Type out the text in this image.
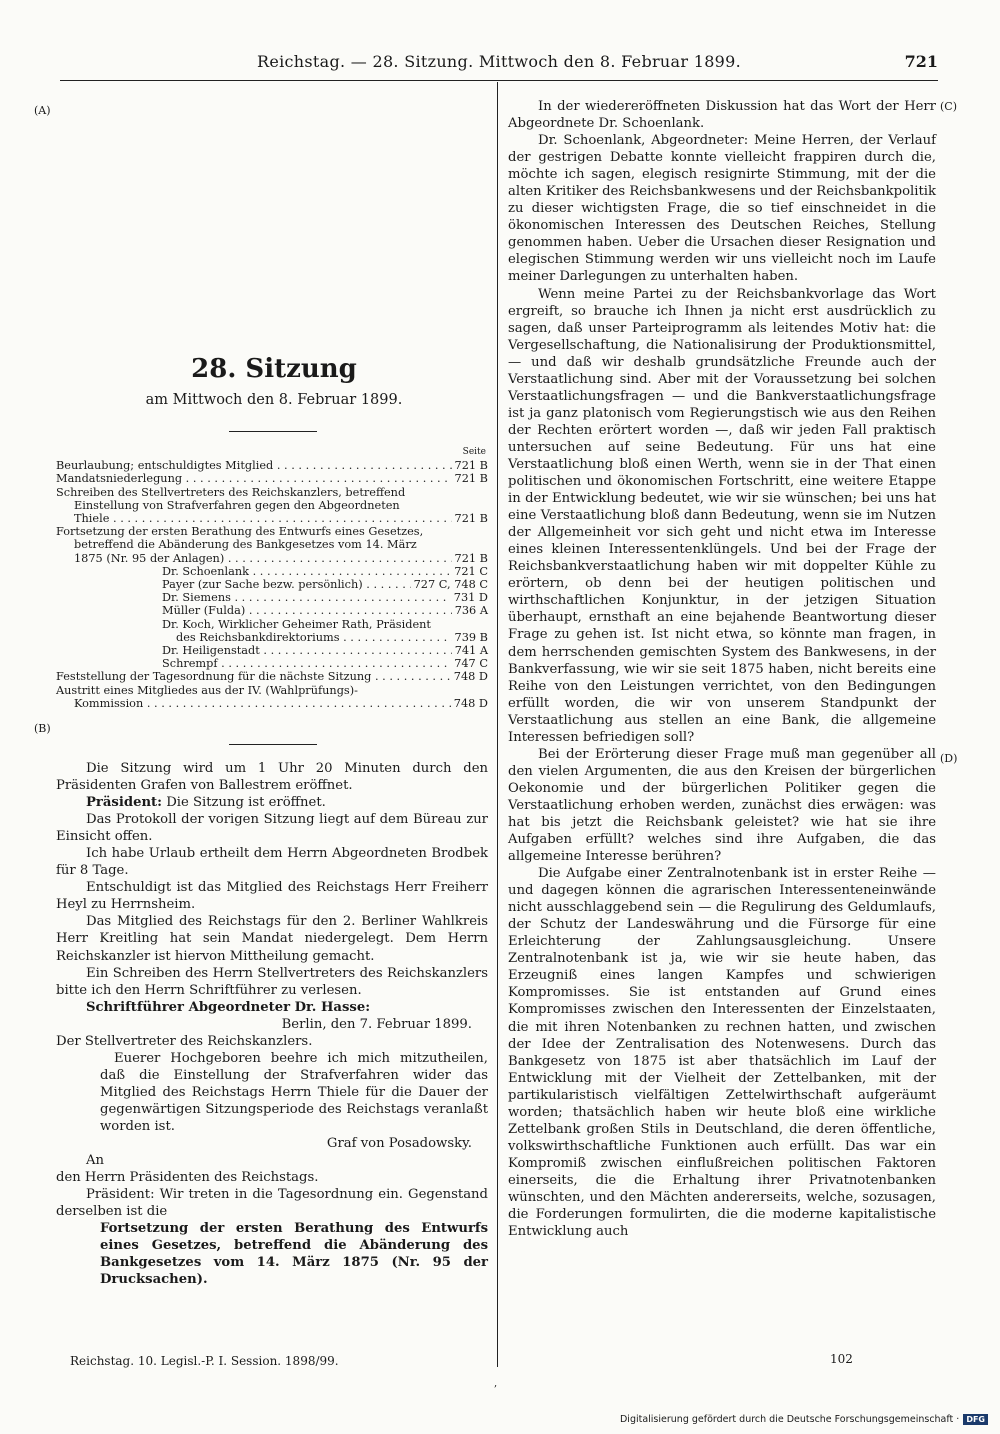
Reichstag. — 28. Sitzung. Mittwoch den 8. Februar 1899.	721
(A)
(B)
(C)
(D)
28. Sitzung
am Mittwoch den 8. Februar 1899.
Seite
Beurlaubung; entschuldigtes Mitglied . . .	721 B
Mandatsniederlegung . . .	721 B
Schreiben des Stellvertreters des Reichskanzlers, betreffend
Einstellung von Strafverfahren gegen den Abgeordneten
Thiele . . .	721 B
Fortsetzung der ersten Berathung des Entwurfs eines Gesetzes,
betreffend die Abänderung des Bankgesetzes vom 14. März
1875 (Nr. 95 der Anlagen) . . .	721 B
Dr. Schoenlank . . .	721 C
Payer (zur Sache bezw. persönlich) . . .	727 C, 748 C
Dr. Siemens . . .	731 D
Müller (Fulda) . . .	736 A
Dr. Koch, Wirklicher Geheimer Rath, Präsident
des Reichsbankdirektoriums . . .	739 B
Dr. Heiligenstadt . . .	741 A
Schrempf . . .	747 C
Feststellung der Tagesordnung für die nächste Sitzung . . .	748 D
Austritt eines Mitgliedes aus der IV. (Wahlprüfungs)-
Kommission . . .	748 D

Die Sitzung wird um 1 Uhr 20 Minuten durch den Präsidenten Grafen von Ballestrem eröffnet.

Präsident: Die Sitzung ist eröffnet.

Das Protokoll der vorigen Sitzung liegt auf dem Büreau zur Einsicht offen.

Ich habe Urlaub ertheilt dem Herrn Abgeordneten Brodbek für 8 Tage.

Entschuldigt ist das Mitglied des Reichstags Herr Freiherr Heyl zu Herrnsheim.

Das Mitglied des Reichstags für den 2. Berliner Wahlkreis Herr Kreitling hat sein Mandat niedergelegt. Dem Herrn Reichskanzler ist hiervon Mittheilung gemacht.

Ein Schreiben des Herrn Stellvertreters des Reichskanzlers bitte ich den Herrn Schriftführer zu verlesen.

Schriftführer Abgeordneter Dr. Hasse:

Berlin, den 7. Februar 1899.

Der Stellvertreter des Reichskanzlers.

Euerer Hochgeboren beehre ich mich mitzutheilen, daß die Einstellung der Strafverfahren wider das Mitglied des Reichstags Herrn Thiele für die Dauer der gegenwärtigen Sitzungsperiode des Reichstags veranlaßt worden ist.

Graf von Posadowsky.

An

den Herrn Präsidenten des Reichstags.

Präsident: Wir treten in die Tagesordnung ein. Gegenstand derselben ist die

Fortsetzung der ersten Berathung des Entwurfs eines Gesetzes, betreffend die Abänderung des Bankgesetzes vom 14. März 1875 (Nr. 95 der Drucksachen).

In der wiedereröffneten Diskussion hat das Wort der Herr Abgeordnete Dr. Schoenlank.

Dr. Schoenlank, Abgeordneter: Meine Herren, der Verlauf der gestrigen Debatte konnte vielleicht frappiren durch die, möchte ich sagen, elegisch resignirte Stimmung, mit der die alten Kritiker des Reichsbankwesens und der Reichsbankpolitik zu dieser wichtigsten Frage, die so tief einschneidet in die ökonomischen Interessen des Deutschen Reiches, Stellung genommen haben. Ueber die Ursachen dieser Resignation und elegischen Stimmung werden wir uns vielleicht noch im Laufe meiner Darlegungen zu unterhalten haben.

Wenn meine Partei zu der Reichsbankvorlage das Wort ergreift, so brauche ich Ihnen ja nicht erst ausdrücklich zu sagen, daß unser Parteiprogramm als leitendes Motiv hat: die Vergesellschaftung, die Nationalisirung der Produktionsmittel, — und daß wir deshalb grundsätzliche Freunde auch der Verstaatlichung sind. Aber mit der Voraussetzung bei solchen Verstaatlichungsfragen — und die Bankverstaatlichungsfrage ist ja ganz platonisch vom Regierungstisch wie aus den Reihen der Rechten erörtert worden —, daß wir jeden Fall praktisch untersuchen auf seine Bedeutung. Für uns hat eine Verstaatlichung bloß einen Werth, wenn sie in der That einen politischen und ökonomischen Fortschritt, eine weitere Etappe in der Entwicklung bedeutet, wie wir sie wünschen; bei uns hat eine Verstaatlichung bloß dann Bedeutung, wenn sie im Nutzen der Allgemeinheit vor sich geht und nicht etwa im Interesse eines kleinen Interessentenklüngels. Und bei der Frage der Reichsbankverstaatlichung haben wir mit doppelter Kühle zu erörtern, ob denn bei der heutigen politischen und wirthschaftlichen Konjunktur, in der jetzigen Situation überhaupt, ernsthaft an eine bejahende Beantwortung dieser Frage zu gehen ist. Ist nicht etwa, so könnte man fragen, in dem herrschenden gemischten System des Bankwesens, in der Bankverfassung, wie wir sie seit 1875 haben, nicht bereits eine Reihe von den Leistungen verrichtet, von den Bedingungen erfüllt worden, die wir von unserem Standpunkt der Verstaatlichung aus stellen an eine Bank, die allgemeine Interessen befriedigen soll?

Bei der Erörterung dieser Frage muß man gegenüber all den vielen Argumenten, die aus den Kreisen der bürgerlichen Oekonomie und der bürgerlichen Politiker gegen die Verstaatlichung erhoben werden, zunächst dies erwägen: was hat bis jetzt die Reichsbank geleistet? wie hat sie ihre Aufgaben erfüllt? welches sind ihre Aufgaben, die das allgemeine Interesse berühren?

Die Aufgabe einer Zentralnotenbank ist in erster Reihe — und dagegen können die agrarischen Interessenteneinwände nicht ausschlaggebend sein — die Regulirung des Geldumlaufs, der Schutz der Landeswährung und die Fürsorge für eine Erleichterung der Zahlungsausgleichung. Unsere Zentralnotenbank ist ja, wie wir sie heute haben, das Erzeugniß eines langen Kampfes und schwierigen Kompromisses. Sie ist entstanden auf Grund eines Kompromisses zwischen den Interessenten der Einzelstaaten, die mit ihren Notenbanken zu rechnen hatten, und zwischen der Idee der Zentralisation des Notenwesens. Durch das Bankgesetz von 1875 ist aber thatsächlich im Lauf der Entwicklung mit der Vielheit der Zettelbanken, mit der partikularistisch vielfältigen Zettelwirthschaft aufgeräumt worden; thatsächlich haben wir heute bloß eine wirkliche Zettelbank großen Stils in Deutschland, die deren öffentliche, volkswirthschaftliche Funktionen auch erfüllt. Das war ein Kompromiß zwischen einflußreichen politischen Faktoren einerseits, die die Erhaltung ihrer Privatnotenbanken wünschten, und den Mächten andererseits, welche, sozusagen, die Forderungen formulirten, die die moderne kapitalistische Entwicklung auch

Reichstag. 10. Legisl.-P. I. Session. 1898/99.	102
,
Digitalisierung gefördert durch die Deutsche Forschungsgemeinschaft · DFG
